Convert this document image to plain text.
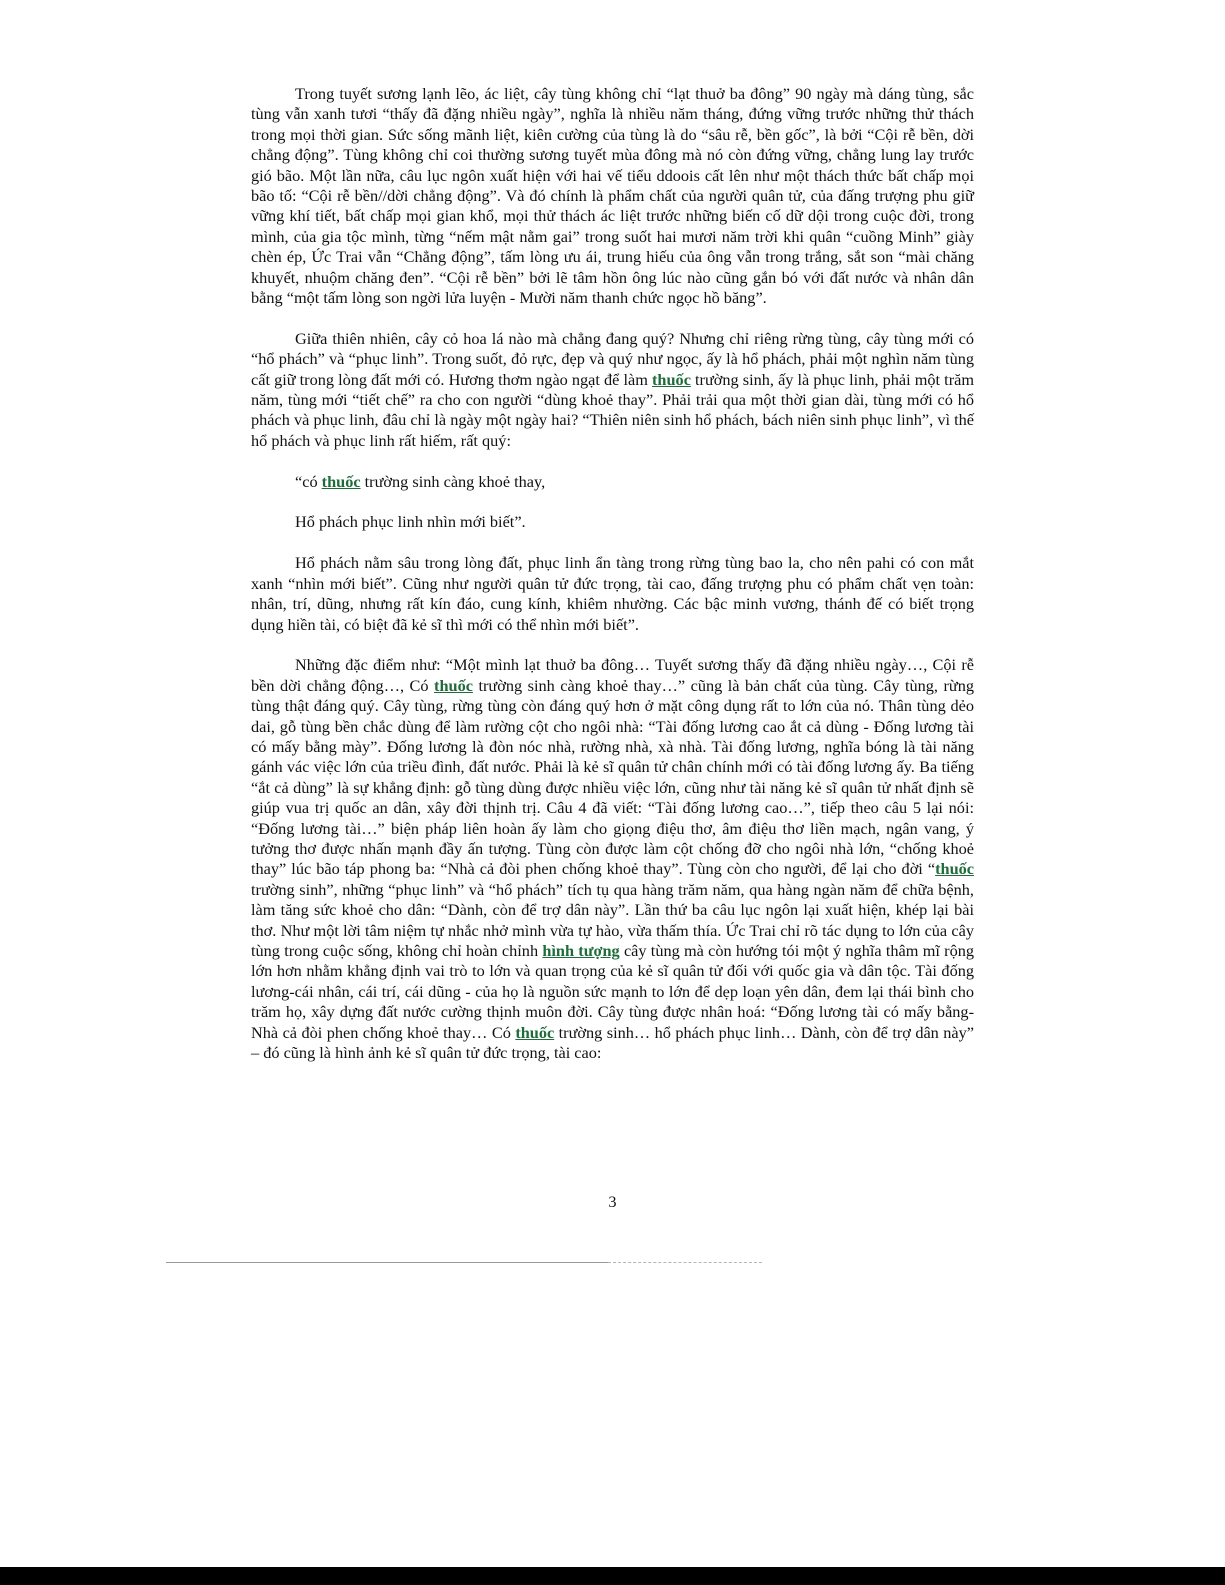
Trong tuyết sương lạnh lẽo, ác liệt, cây tùng không chỉ “lạt thuở ba đông” 90 ngày mà dáng tùng, sắc tùng vẫn xanh tươi “thấy đã đặng nhiều ngày”, nghĩa là nhiều năm tháng, đứng vững trước những thử thách trong mọi thời gian. Sức sống mãnh liệt, kiên cường của tùng là do “sâu rễ, bền gốc”, là bởi “Cội rễ bền, dời chẳng động”. Tùng không chỉ coi thường sương tuyết mùa đông mà nó còn đứng vững, chẳng lung lay trước gió bão. Một lần nữa, câu lục ngôn xuất hiện với hai vế tiểu ddoois cất lên như một thách thức bất chấp mọi bão tố: “Cội rễ bền//dời chẳng động”. Và đó chính là phẩm chất của người quân tử, của đấng trượng phu giữ vững khí tiết, bất chấp mọi gian khổ, mọi thử thách ác liệt trước những biến cố dữ dội trong cuộc đời, trong mình, của gia tộc mình, từng “nếm mật nằm gai” trong suốt hai mươi năm trời khi quân “cuồng Minh” giày chèn ép, Ức Trai vẫn “Chẳng động”, tấm lòng ưu ái, trung hiếu của ông vẫn trong trắng, sắt son “mài chăng khuyết, nhuộm chăng đen”. “Cội rễ bền” bởi lẽ tâm hồn ông lúc nào cũng gắn bó với đất nước và nhân dân bằng “một tấm lòng son ngời lửa luyện - Mười năm thanh chức ngọc hồ băng”.

Giữa thiên nhiên, cây cỏ hoa lá nào mà chẳng đang quý? Nhưng chỉ riêng rừng tùng, cây tùng mới có “hổ phách” và “phục linh”. Trong suốt, đỏ rực, đẹp và quý như ngọc, ấy là hổ phách, phải một nghìn năm tùng cất giữ trong lòng đất mới có. Hương thơm ngào ngạt để làm thuốc trường sinh, ấy là phục linh, phải một trăm năm, tùng mới “tiết chế” ra cho con người “dùng khoẻ thay”. Phải trải qua một thời gian dài, tùng mới có hổ phách và phục linh, đâu chỉ là ngày một ngày hai? “Thiên niên sinh hổ phách, bách niên sinh phục linh”, vì thế hổ phách và phục linh rất hiếm, rất quý:

“có thuốc trường sinh càng khoẻ thay,

Hổ phách phục linh nhìn mới biết”.

Hổ phách nằm sâu trong lòng đất, phục linh ẩn tàng trong rừng tùng bao la, cho nên pahi có con mắt xanh “nhìn mới biết”. Cũng như người quân tử đức trọng, tài cao, đấng trượng phu có phẩm chất vẹn toàn: nhân, trí, dũng, nhưng rất kín đáo, cung kính, khiêm nhường. Các bậc minh vương, thánh đế có biết trọng dụng hiền tài, có biệt đã kẻ sĩ thì mới có thể nhìn mới biết”.

Những đặc điểm như: “Một mình lạt thuở ba đông… Tuyết sương thấy đã đặng nhiều ngày…, Cội rễ bền dời chẳng động…, Có thuốc trường sinh càng khoẻ thay…” cũng là bản chất của tùng. Cây tùng, rừng tùng thật đáng quý. Cây tùng, rừng tùng còn đáng quý hơn ở mặt công dụng rất to lớn của nó. Thân tùng dẻo dai, gỗ tùng bền chắc dùng để làm rường cột cho ngôi nhà: “Tài đống lương cao ắt cả dùng - Đống lương tài có mấy bằng mày”. Đống lương là đòn nóc nhà, rường nhà, xà nhà. Tài đống lương, nghĩa bóng là tài năng gánh vác việc lớn của triều đình, đất nước. Phải là kẻ sĩ quân tử chân chính mới có tài đống lương ấy. Ba tiếng “ắt cả dùng” là sự khẳng định: gỗ tùng dùng được nhiều việc lớn, cũng như tài năng kẻ sĩ quân tử nhất định sẽ giúp vua trị quốc an dân, xây đời thịnh trị. Câu 4 đã viết: “Tài đống lương cao…”, tiếp theo câu 5 lại nói: “Đống lương tài…” biện pháp liên hoàn ấy làm cho giọng điệu thơ, âm điệu thơ liền mạch, ngân vang, ý tưởng thơ được nhấn mạnh đầy ấn tượng. Tùng còn được làm cột chống đỡ cho ngôi nhà lớn, “chống khoẻ thay” lúc bão táp phong ba: “Nhà cả đòi phen chống khoẻ thay”. Tùng còn cho người, để lại cho đời “thuốc trường sinh”, những “phục linh” và “hổ phách” tích tụ qua hàng trăm năm, qua hàng ngàn năm để chữa bệnh, làm tăng sức khoẻ cho dân: “Dành, còn để trợ dân này”. Lần thứ ba câu lục ngôn lại xuất hiện, khép lại bài thơ. Như một lời tâm niệm tự nhắc nhở mình vừa tự hào, vừa thấm thía. Ức Trai chỉ rõ tác dụng to lớn của cây tùng trong cuộc sống, không chỉ hoàn chỉnh hình tượng cây tùng mà còn hướng tói một ý nghĩa thâm mĩ rộng lớn hơn nhằm khẳng định vai trò to lớn và quan trọng của kẻ sĩ quân tử đối với quốc gia và dân tộc. Tài đống lương-cái nhân, cái trí, cái dũng - của họ là nguồn sức mạnh to lớn để dẹp loạn yên dân, đem lại thái bình cho trăm họ, xây dựng đất nước cường thịnh muôn đời. Cây tùng được nhân hoá: “Đống lương tài có mấy bằng- Nhà cả đòi phen chống khoẻ thay… Có thuốc trường sinh… hổ phách phục linh… Dành, còn để trợ dân này” – đó cũng là hình ảnh kẻ sĩ quân tử đức trọng, tài cao:

3
